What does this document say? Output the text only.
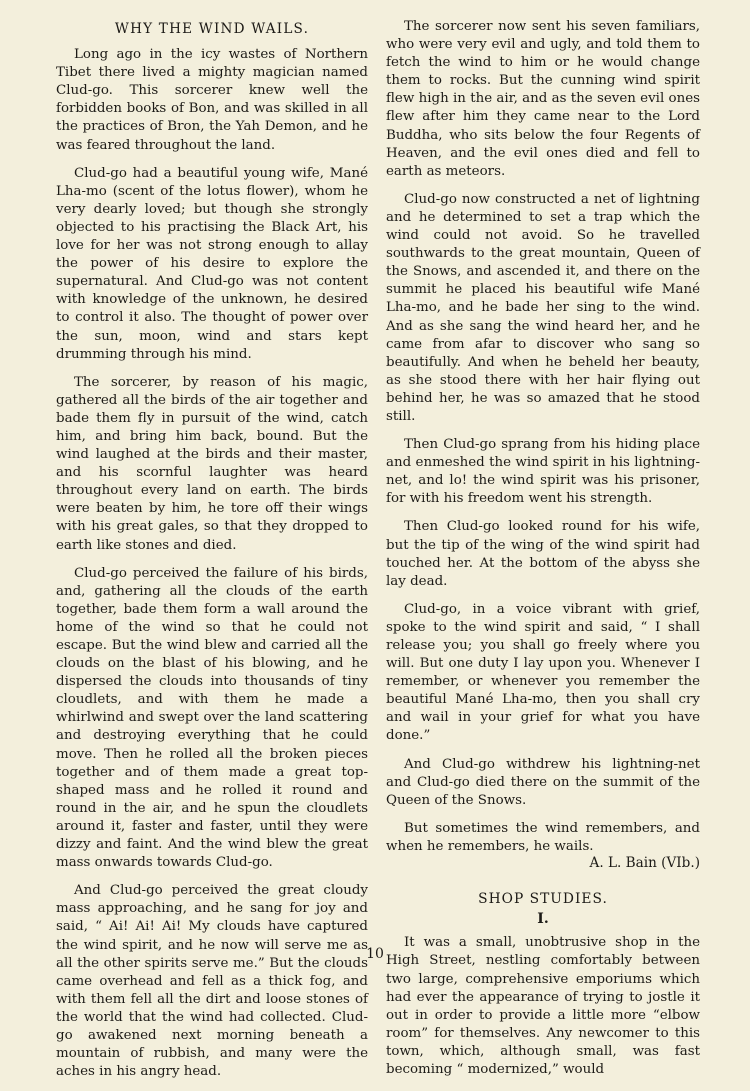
WHY THE WIND WAILS.

Long ago in the icy wastes of Northern Tibet there lived a mighty magician named Clud-go. This sorcerer knew well the forbidden books of Bon, and was skilled in all the practices of Bron, the Yah Demon, and he was feared throughout the land.

Clud-go had a beautiful young wife, Mané Lha-mo (scent of the lotus flower), whom he very dearly loved; but though she strongly objected to his practising the Black Art, his love for her was not strong enough to allay the power of his desire to explore the supernatural. And Clud-go was not content with knowledge of the unknown, he desired to control it also. The thought of power over the sun, moon, wind and stars kept drumming through his mind.

The sorcerer, by reason of his magic, gathered all the birds of the air together and bade them fly in pursuit of the wind, catch him, and bring him back, bound. But the wind laughed at the birds and their master, and his scornful laughter was heard throughout every land on earth. The birds were beaten by him, he tore off their wings with his great gales, so that they dropped to earth like stones and died.

Clud-go perceived the failure of his birds, and, gathering all the clouds of the earth together, bade them form a wall around the home of the wind so that he could not escape. But the wind blew and carried all the clouds on the blast of his blowing, and he dispersed the clouds into thousands of tiny cloudlets, and with them he made a whirlwind and swept over the land scattering and destroying everything that he could move. Then he rolled all the broken pieces together and of them made a great top-shaped mass and he rolled it round and round in the air, and he spun the cloudlets around it, faster and faster, until they were dizzy and faint. And the wind blew the great mass onwards towards Clud-go.

And Clud-go perceived the great cloudy mass approaching, and he sang for joy and said, “ Ai! Ai! Ai! My clouds have captured the wind spirit, and he now will serve me as all the other spirits serve me.” But the clouds came overhead and fell as a thick fog, and with them fell all the dirt and loose stones of the world that the wind had collected. Clud-go awakened next morning beneath a mountain of rubbish, and many were the aches in his angry head.

The sorcerer now sent his seven familiars, who were very evil and ugly, and told them to fetch the wind to him or he would change them to rocks. But the cunning wind spirit flew high in the air, and as the seven evil ones flew after him they came near to the Lord Buddha, who sits below the four Regents of Heaven, and the evil ones died and fell to earth as meteors.

Clud-go now constructed a net of lightning and he determined to set a trap which the wind could not avoid. So he travelled southwards to the great mountain, Queen of the Snows, and ascended it, and there on the summit he placed his beautiful wife Mané Lha-mo, and he bade her sing to the wind. And as she sang the wind heard her, and he came from afar to discover who sang so beautifully. And when he beheld her beauty, as she stood there with her hair flying out behind her, he was so amazed that he stood still.

Then Clud-go sprang from his hiding place and enmeshed the wind spirit in his lightning-net, and lo! the wind spirit was his prisoner, for with his freedom went his strength.

Then Clud-go looked round for his wife, but the tip of the wing of the wind spirit had touched her. At the bottom of the abyss she lay dead.

Clud-go, in a voice vibrant with grief, spoke to the wind spirit and said, “ I shall release you; you shall go freely where you will. But one duty I lay upon you. Whenever I remember, or whenever you remember the beautiful Mané Lha-mo, then you shall cry and wail in your grief for what you have done.”

And Clud-go withdrew his lightning-net and Clud-go died there on the summit of the Queen of the Snows.

But sometimes the wind remembers, and when he remembers, he wails.

A. L. Bain (VIb.)
SHOP STUDIES.
I.

It was a small, unobtrusive shop in the High Street, nestling comfortably between two large, comprehensive emporiums which had ever the appearance of trying to jostle it out in order to provide a little more “elbow room” for themselves. Any newcomer to this town, which, although small, was fast becoming “ modernized,” would

10
